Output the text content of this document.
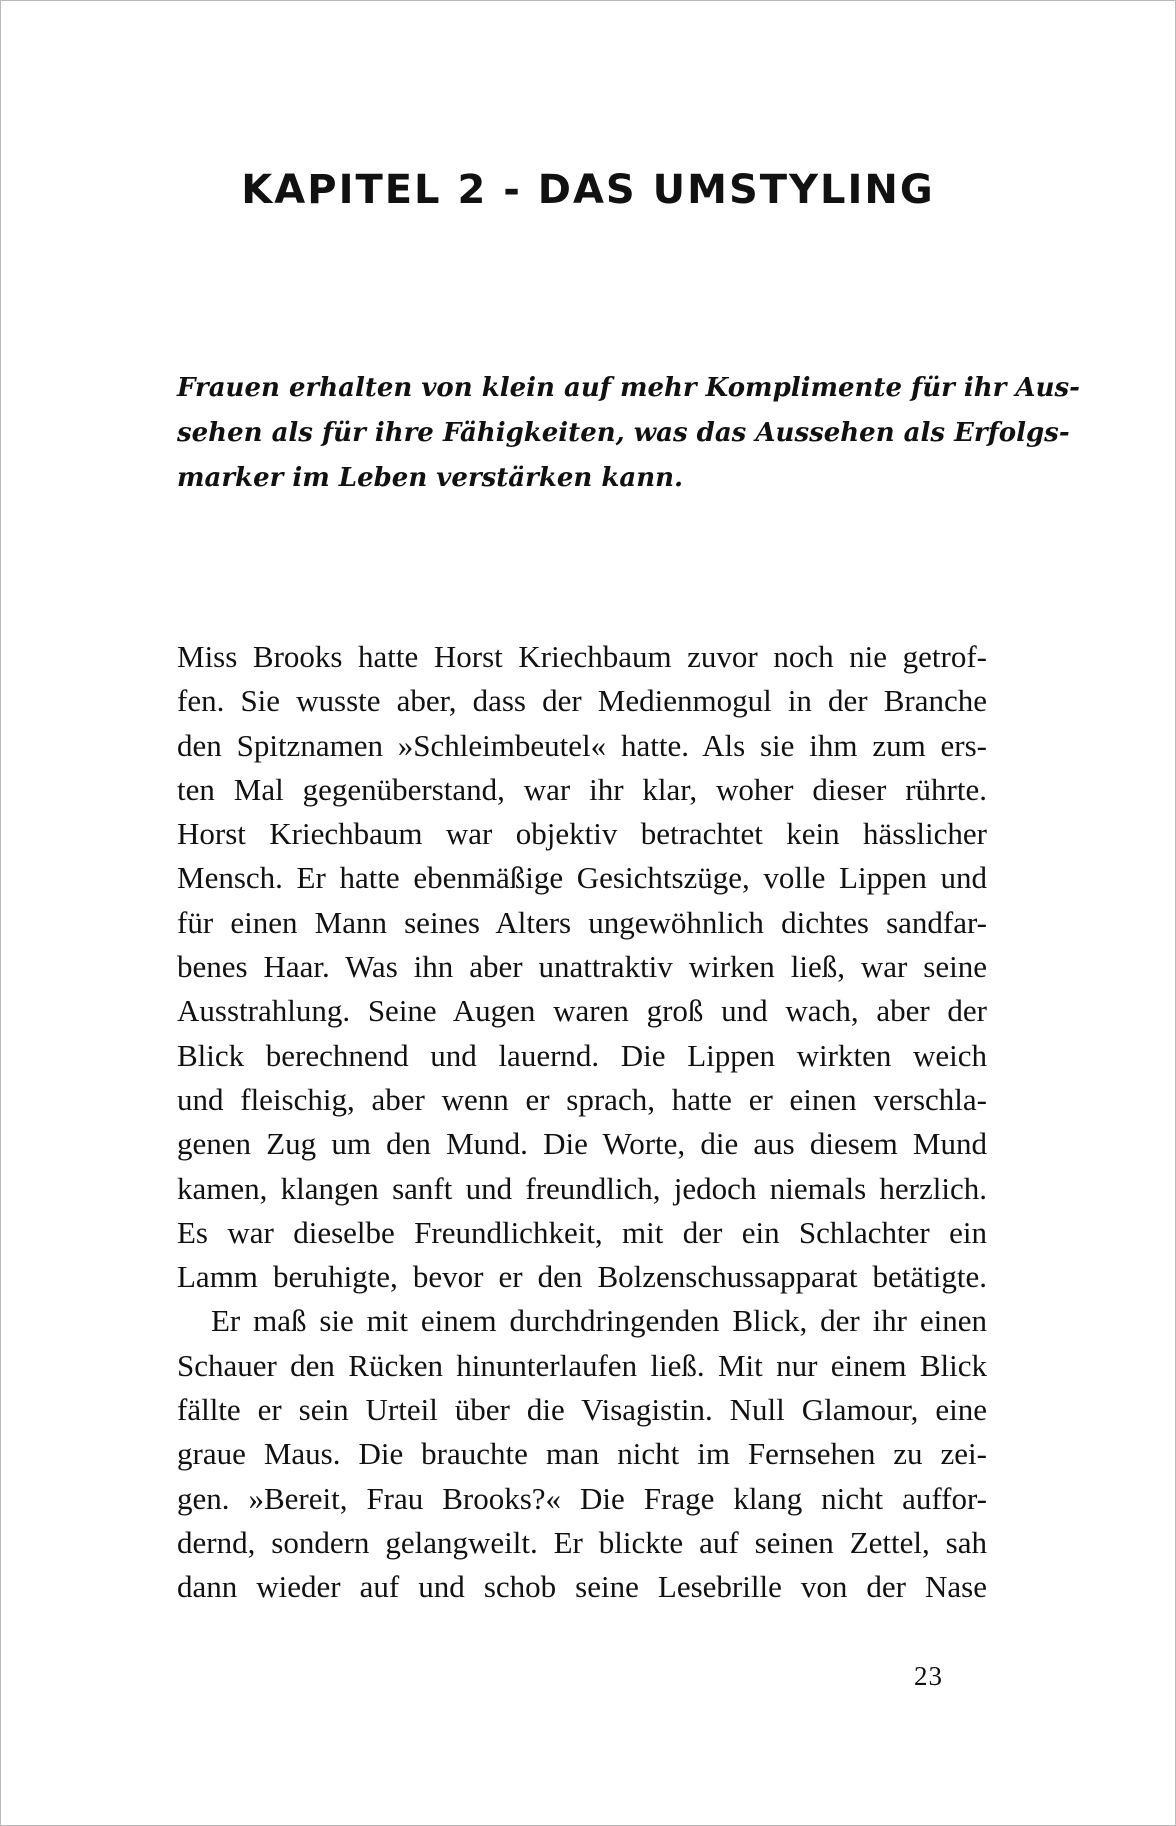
KAPITEL 2 - DAS UMSTYLING

Frauen erhalten von klein auf mehr Komplimente für ihr Aus-
sehen als für ihre Fähigkeiten, was das Aussehen als Erfolgs-
marker im Leben verstärken kann.

Miss Brooks hatte Horst Kriechbaum zuvor noch nie getrof-
fen. Sie wusste aber, dass der Medienmogul in der Branche
den Spitznamen »Schleimbeutel« hatte. Als sie ihm zum ers-
ten Mal gegenüberstand, war ihr klar, woher dieser rührte.
Horst Kriechbaum war objektiv betrachtet kein hässlicher
Mensch. Er hatte ebenmäßige Gesichtszüge, volle Lippen und
für einen Mann seines Alters ungewöhnlich dichtes sandfar-
benes Haar. Was ihn aber unattraktiv wirken ließ, war seine
Ausstrahlung. Seine Augen waren groß und wach, aber der
Blick berechnend und lauernd. Die Lippen wirkten weich
und fleischig, aber wenn er sprach, hatte er einen verschla-
genen Zug um den Mund. Die Worte, die aus diesem Mund
kamen, klangen sanft und freundlich, jedoch niemals herzlich.
Es war dieselbe Freundlichkeit, mit der ein Schlachter ein
Lamm beruhigte, bevor er den Bolzenschussapparat betätigte.
Er maß sie mit einem durchdringenden Blick, der ihr einen
Schauer den Rücken hinunterlaufen ließ. Mit nur einem Blick
fällte er sein Urteil über die Visagistin. Null Glamour, eine
graue Maus. Die brauchte man nicht im Fernsehen zu zei-
gen. »Bereit, Frau Brooks?« Die Frage klang nicht auffor-
dernd, sondern gelangweilt. Er blickte auf seinen Zettel, sah
dann wieder auf und schob seine Lesebrille von der Nase
23
